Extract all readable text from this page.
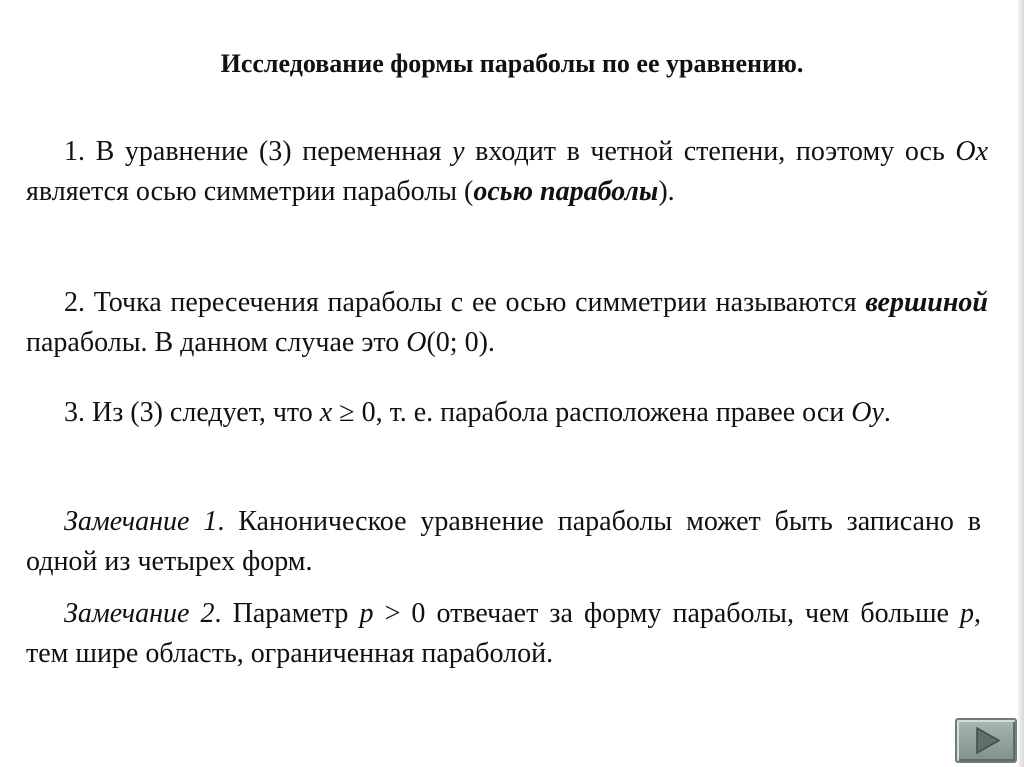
Исследование формы параболы по ее уравнению.

1. В уравнение (3) переменная y входит в четной степени, поэтому ось Ox является осью симметрии параболы (осью параболы).

2. Точка пересечения параболы с ее осью симметрии называются вершиной параболы. В данном случае это O(0; 0).

3. Из (3) следует, что x ≥ 0, т. е. парабола расположена правее оси Oy.

Замечание 1. Каноническое уравнение параболы может быть записано в одной из четырех форм.

Замечание 2. Параметр p > 0 отвечает за форму параболы, чем больше p, тем шире область, ограниченная параболой.
